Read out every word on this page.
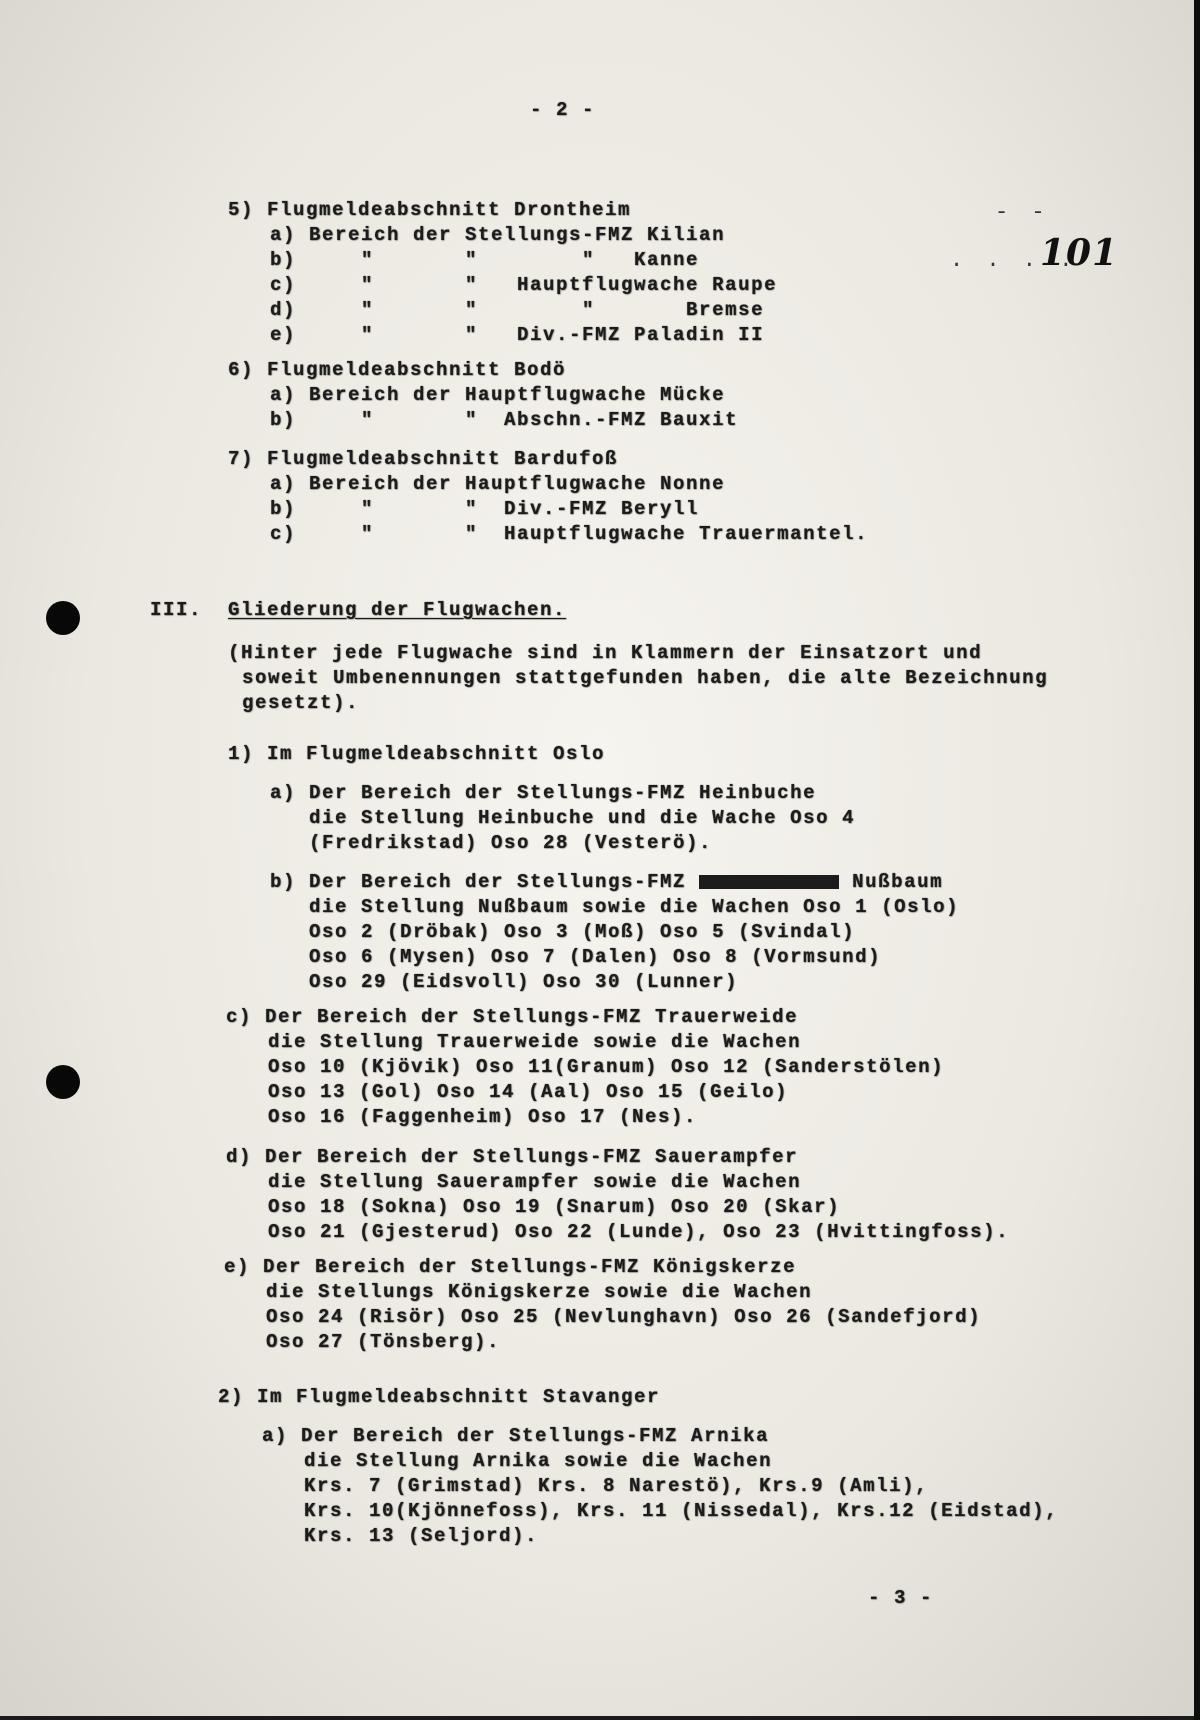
- 2 -
- -
. . . .
101
5) Flugmeldeabschnitt Drontheim
a) Bereich der Stellungs-FMZ Kilian
b)     "       "        "   Kanne
c)     "       "   Hauptflugwache Raupe
d)     "       "        "       Bremse
e)     "       "   Div.-FMZ Paladin II
6) Flugmeldeabschnitt Bodö
a) Bereich der Hauptflugwache Mücke
b)     "       "  Abschn.-FMZ Bauxit
7) Flugmeldeabschnitt Bardufoß
a) Bereich der Hauptflugwache Nonne
b)     "       "  Div.-FMZ Beryll
c)     "       "  Hauptflugwache Trauermantel.
III. Gliederung der Flugwachen.
(Hinter jede Flugwache sind in Klammern der Einsatzort und
soweit Umbenennungen stattgefunden haben, die alte Bezeichnung
gesetzt).
1) Im Flugmeldeabschnitt Oslo
a) Der Bereich der Stellungs-FMZ Heinbuche
die Stellung Heinbuche und die Wache Oso 4
(Fredrikstad) Oso 28 (Vesterö).
b) Der Bereich der Stellungs-FMZ	Nußbaum
die Stellung Nußbaum sowie die Wachen Oso 1 (Oslo)
Oso 2 (Dröbak) Oso 3 (Moß) Oso 5 (Svindal)
Oso 6 (Mysen) Oso 7 (Dalen) Oso 8 (Vormsund)
Oso 29 (Eidsvoll) Oso 30 (Lunner)
c) Der Bereich der Stellungs-FMZ Trauerweide
die Stellung Trauerweide sowie die Wachen
Oso 10 (Kjövik) Oso 11(Granum) Oso 12 (Sanderstölen)
Oso 13 (Gol) Oso 14 (Aal) Oso 15 (Geilo)
Oso 16 (Faggenheim) Oso 17 (Nes).
d) Der Bereich der Stellungs-FMZ Sauerampfer
die Stellung Sauerampfer sowie die Wachen
Oso 18 (Sokna) Oso 19 (Snarum) Oso 20 (Skar)
Oso 21 (Gjesterud) Oso 22 (Lunde), Oso 23 (Hvittingfoss).
e) Der Bereich der Stellungs-FMZ Königskerze
die Stellungs Königskerze sowie die Wachen
Oso 24 (Risör) Oso 25 (Nevlunghavn) Oso 26 (Sandefjord)
Oso 27 (Tönsberg).
2) Im Flugmeldeabschnitt Stavanger
a) Der Bereich der Stellungs-FMZ Arnika
die Stellung Arnika sowie die Wachen
Krs. 7 (Grimstad) Krs. 8 Narestö), Krs.9 (Amli),
Krs. 10(Kjönnefoss), Krs. 11 (Nissedal), Krs.12 (Eidstad),
Krs. 13 (Seljord).
- 3 -
